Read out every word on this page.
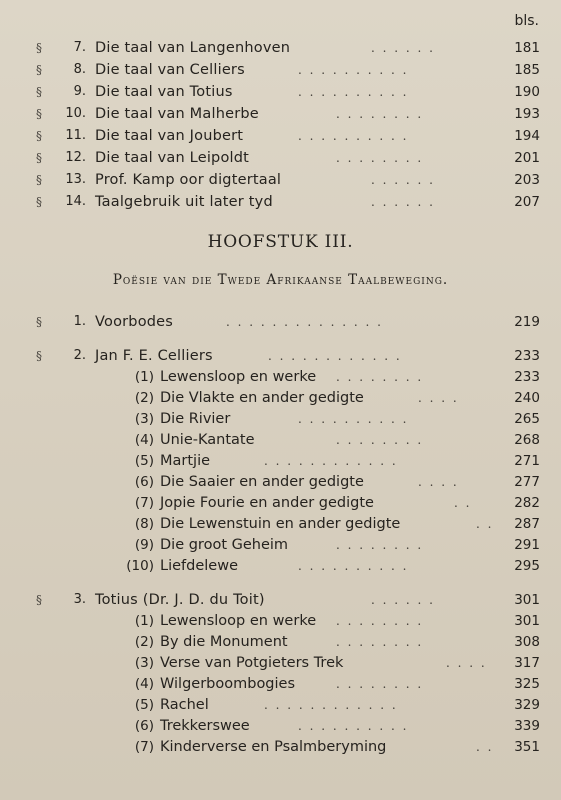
bls.
§	7. Die taal van Langenhoven	. . . . . .	181
§	8. Die taal van Celliers	. . . . . . . . . .	185
§	9. Die taal van Totius	. . . . . . . . . .	190
§	10. Die taal van Malherbe	. . . . . . . .	193
§	11. Die taal van Joubert	. . . . . . . . . .	194
§	12. Die taal van Leipoldt	. . . . . . . .	201
§	13. Prof. Kamp oor digtertaal	. . . . . .	203
§	14. Taalgebruik uit later tyd	. . . . . .	207
HOOFSTUK III.
Poësie van die Twede Afrikaanse Taalbeweging.
§	1. Voorbodes	. . . . . . . . . . . . . .	219
§	2. Jan F. E. Celliers	. . . . . . . . . . . .	233
(1) Lewensloop en werke . . . . . . . .	233
(2) Die Vlakte en ander gedigte	. . . .	240
(3) Die Rivier	. . . . . . . . . .	265
(4) Unie-Kantate	. . . . . . . .	268
(5) Martjie	. . . . . . . . . . . .	271
(6) Die Saaier en ander gedigte	. . . .	277
(7) Jopie Fourie en ander gedigte	. .	282
(8) Die Lewenstuin en ander gedigte	. .	287
(9) Die groot Geheim	. . . . . . . .	291
(10) Liefdelewe	. . . . . . . . . .	295
§	3. Totius (Dr. J. D. du Toit)	. . . . . .	301
(1) Lewensloop en werke . . . . . . . .	301
(2) By die Monument	. . . . . . . .	308
(3) Verse van Potgieters Trek	. . . .	317
(4) Wilgerboombogies	. . . . . . . .	325
(5) Rachel	. . . . . . . . . . . .	329
(6) Trekkerswee	. . . . . . . . . .	339
(7) Kinderverse en Psalmberyming	. .	351
